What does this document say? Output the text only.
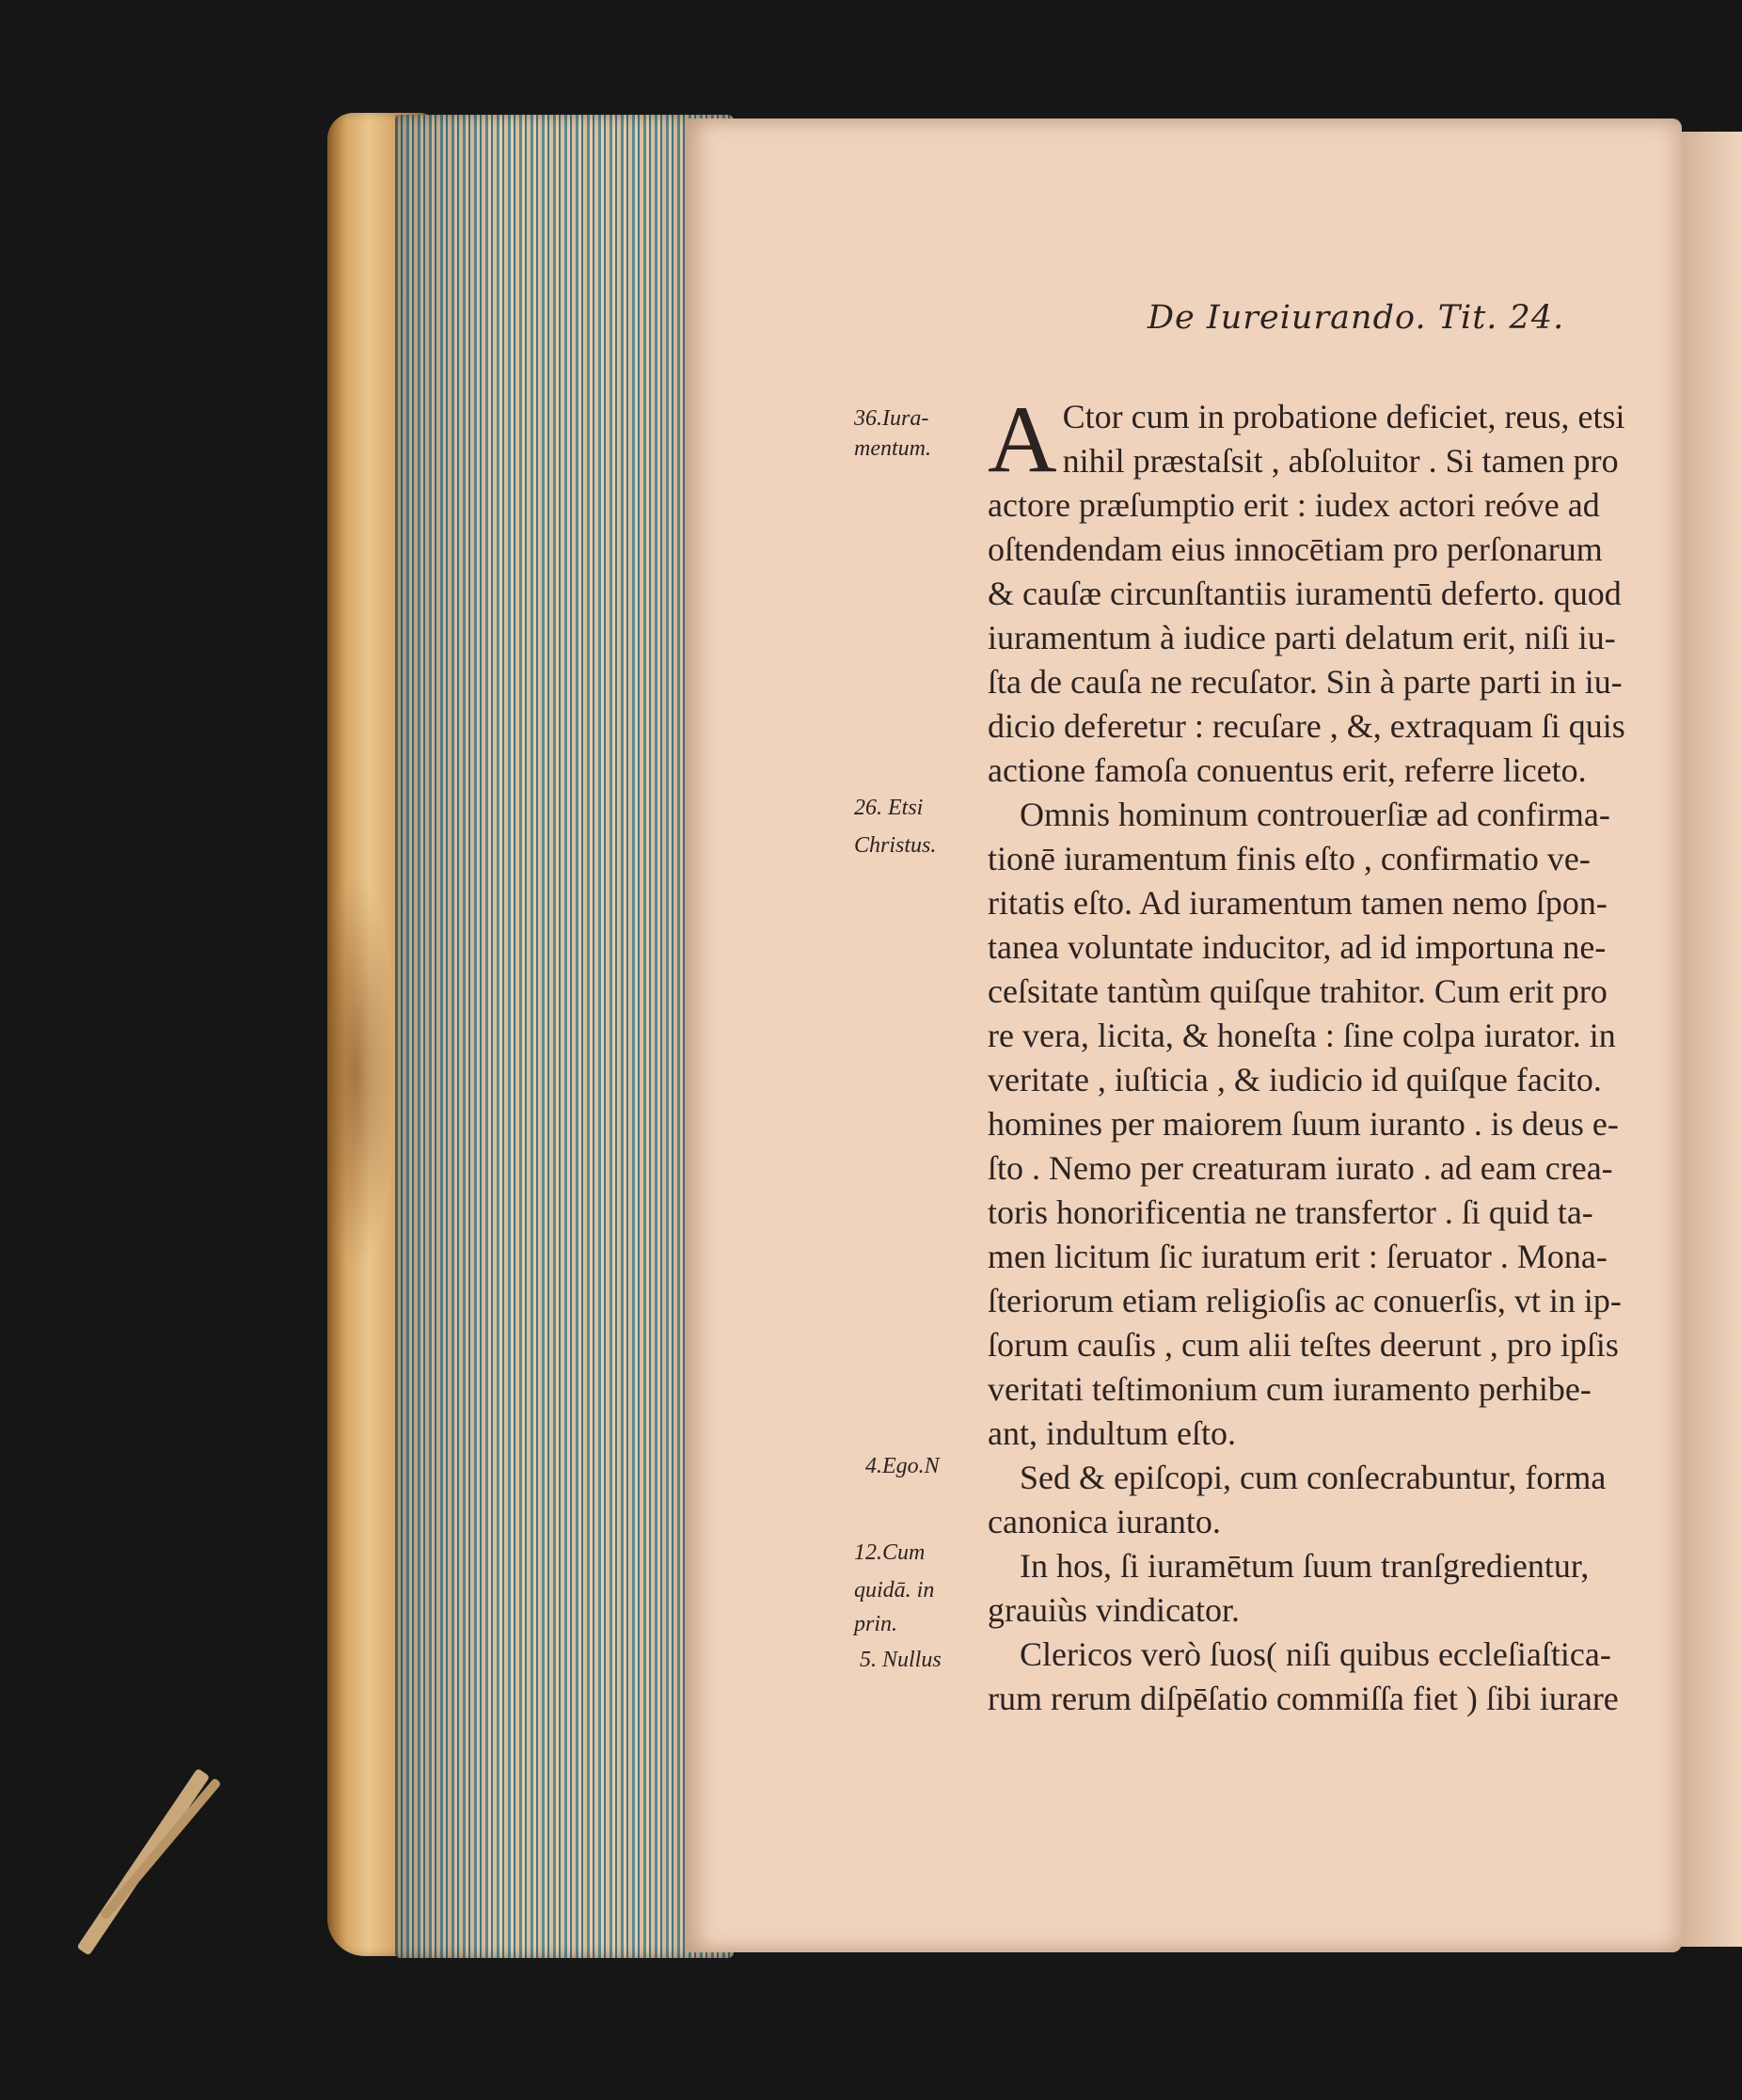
De Iureiurando. Tit. 24.
36.Iura-
mentum.
26. Etsi
Christus.
4.Ego.N
12.Cum
quidā. in
prin.
5. Nullus
A Ctor cum in probatione deficiet, reus, etsi
nihil præstaſsit , abſoluitor . Si tamen pro
actore præſumptio erit : iudex actori reóve ad
oſtendendam eius innocētiam pro perſonarum
& cauſæ circunſtantiis iuramentū deferto. quod
iuramentum à iudice parti delatum erit, niſi iu-
ſta de cauſa ne recuſator. Sin à parte parti in iu-
dicio deferetur : recuſare , &, extraquam ſi quis
actione famoſa conuentus erit, referre liceto.
Omnis hominum controuerſiæ ad confirma-
tionē iuramentum finis eſto , confirmatio ve-
ritatis eſto. Ad iuramentum tamen nemo ſpon-
tanea voluntate inducitor, ad id importuna ne-
ceſsitate tantùm quiſque trahitor. Cum erit pro
re vera, licita, & honeſta : ſine colpa iurator. in
veritate , iuſticia , & iudicio id quiſque facito.
homines per maiorem ſuum iuranto . is deus e-
ſto . Nemo per creaturam iurato . ad eam crea-
toris honorificentia ne transfertor . ſi quid ta-
men licitum ſic iuratum erit : ſeruator . Mona-
ſteriorum etiam religioſis ac conuerſis, vt in ip-
ſorum cauſis , cum alii teſtes deerunt , pro ipſis
veritati teſtimonium cum iuramento perhibe-
ant, indultum eſto.
Sed & epiſcopi, cum conſecrabuntur, forma
canonica iuranto.
In hos, ſi iuramētum ſuum tranſgredientur,
grauiùs vindicator.
Clericos verò ſuos( niſi quibus eccleſiaſtica-
rum rerum diſpēſatio commiſſa fiet ) ſibi iurare
